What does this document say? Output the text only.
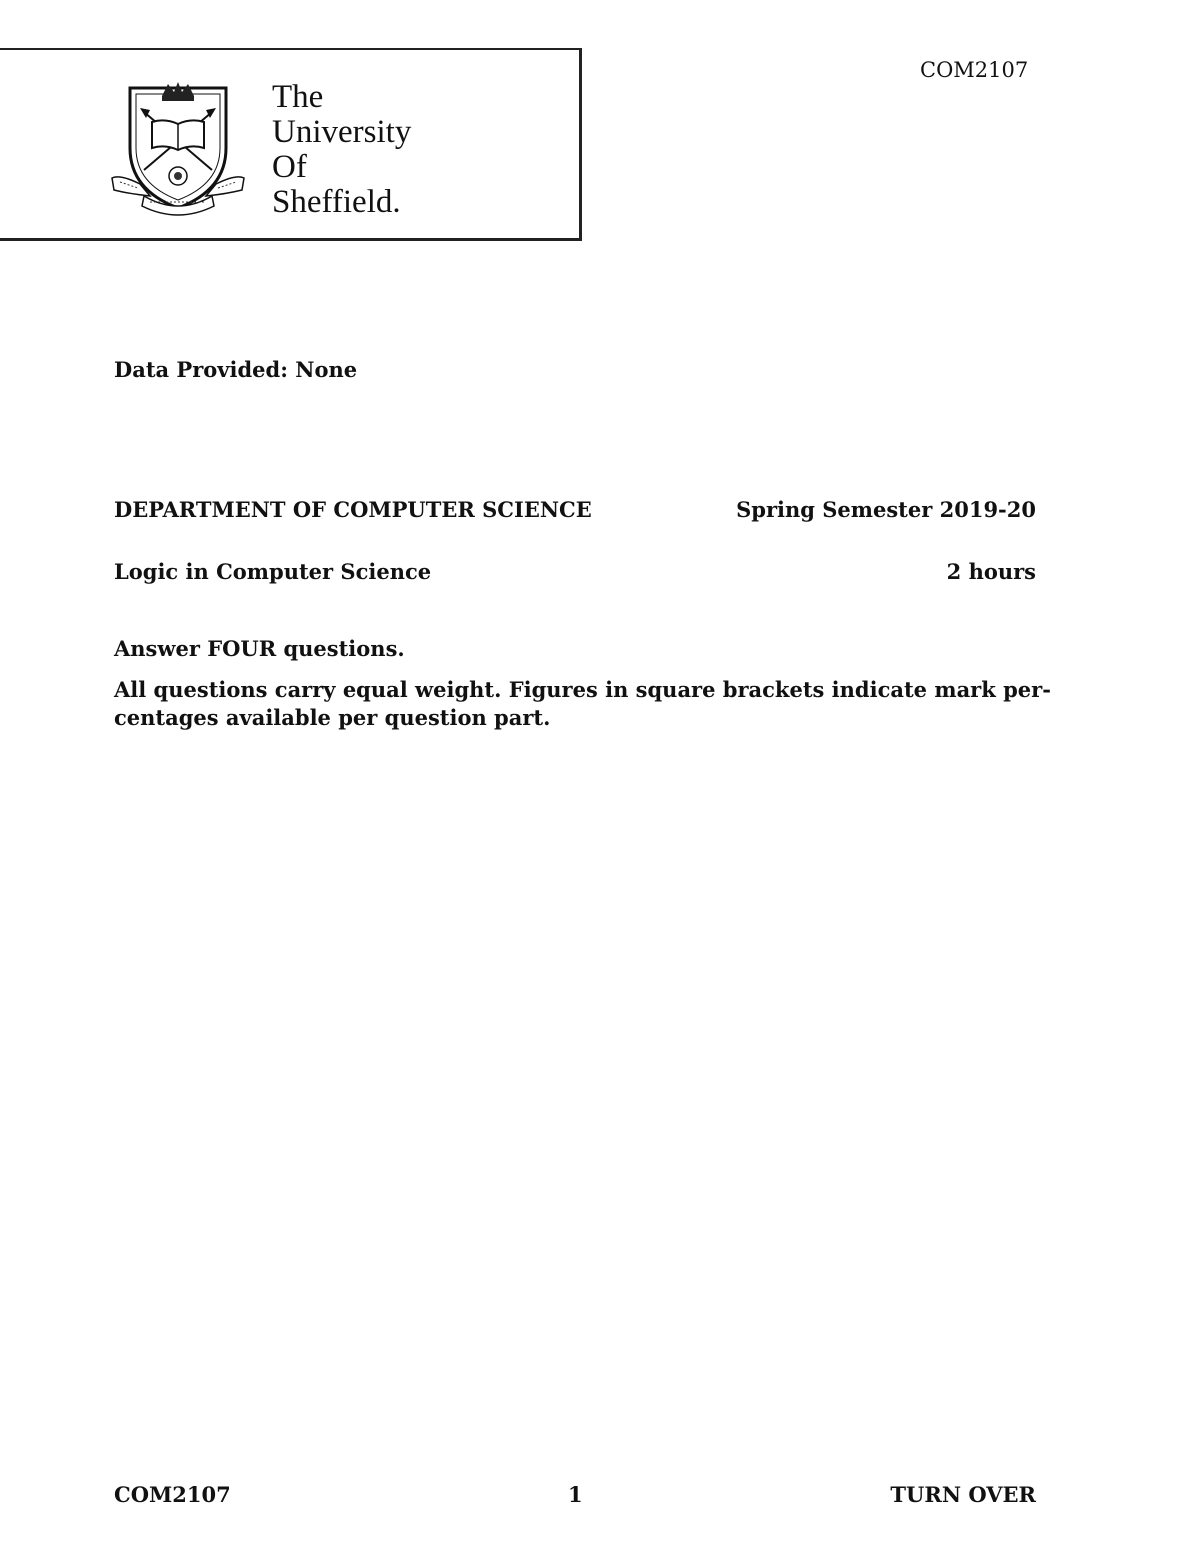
COM2107
The
University
Of
Sheffield.
Data Provided: None
DEPARTMENT OF COMPUTER SCIENCE	Spring Semester 2019-20
Logic in Computer Science	2 hours
Answer FOUR questions.
All questions carry equal weight. Figures in square brackets indicate mark per-
centages available per question part.
COM2107	1	TURN OVER
